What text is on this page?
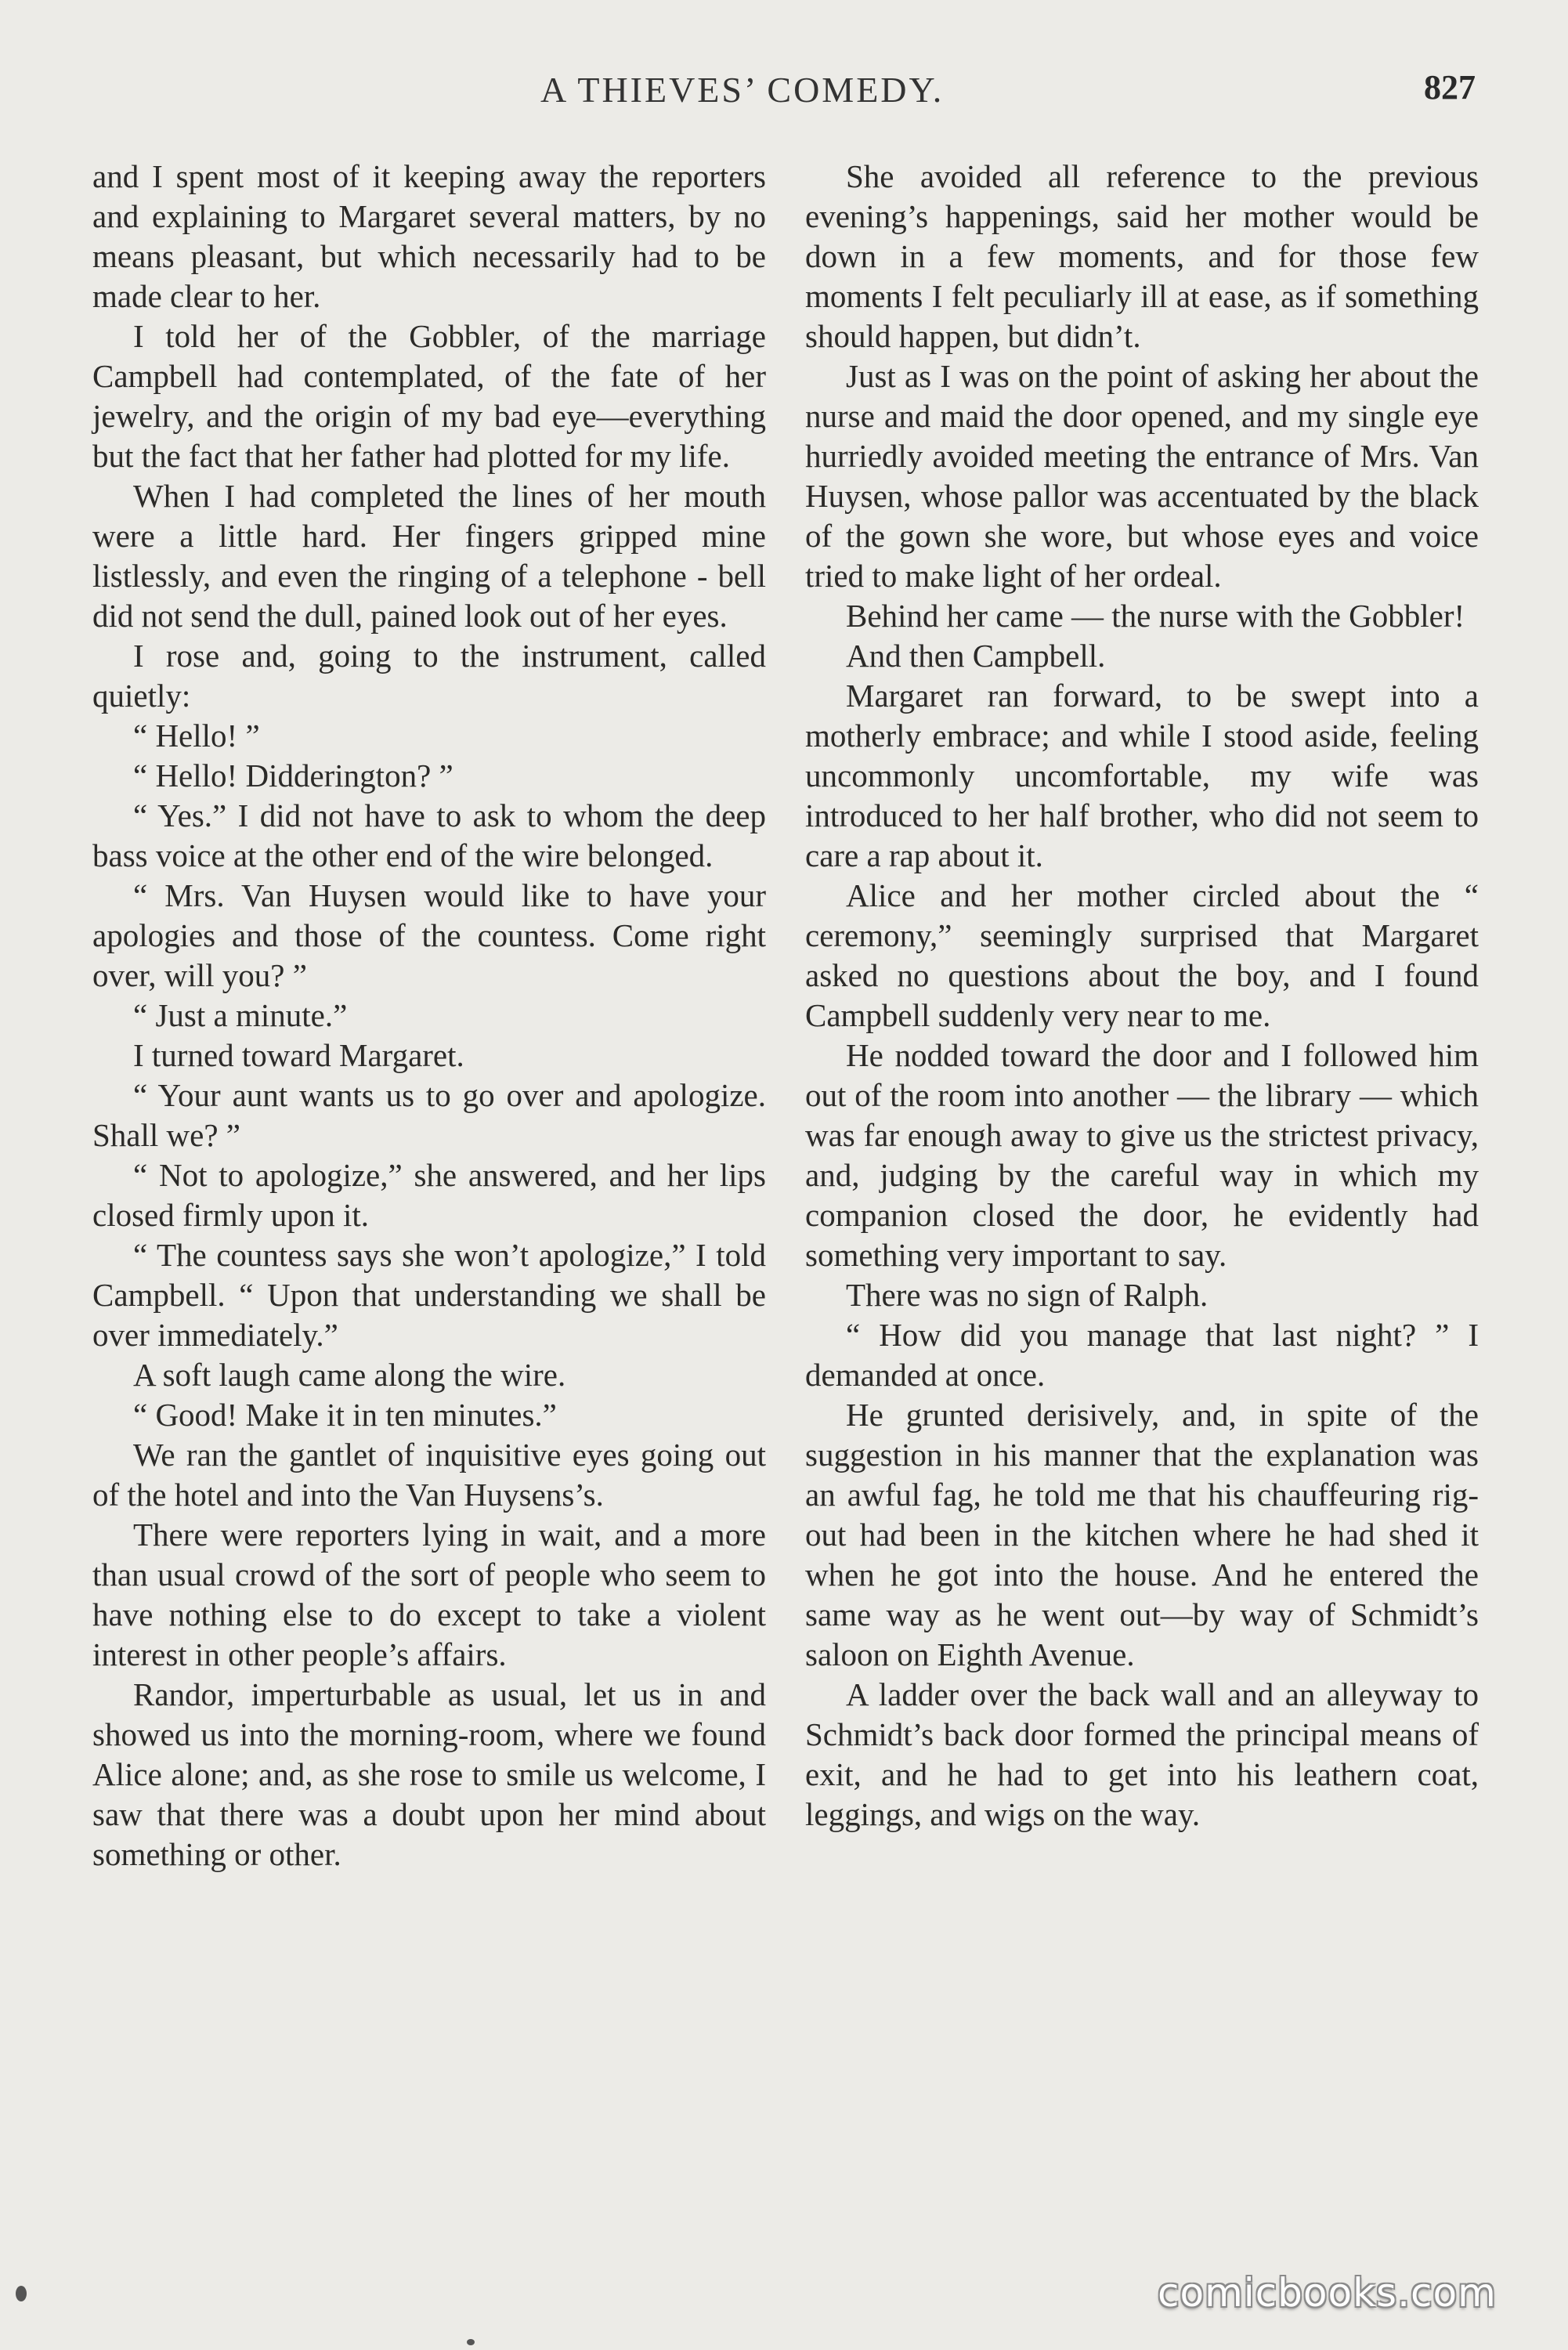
A THIEVES’ COMEDY.	827

and I spent most of it keeping away the reporters and explaining to Margaret several matters, by no means pleasant, but which necessarily had to be made clear to her.

I told her of the Gobbler, of the marriage Campbell had contemplated, of the fate of her jewelry, and the origin of my bad eye—everything but the fact that her father had plotted for my life.

When I had completed the lines of her mouth were a little hard. Her fingers gripped mine listlessly, and even the ringing of a telephone - bell did not send the dull, pained look out of her eyes.

I rose and, going to the instrument, called quietly:

“ Hello! ”

“ Hello! Didderington? ”

“ Yes.” I did not have to ask to whom the deep bass voice at the other end of the wire belonged.

“ Mrs. Van Huysen would like to have your apologies and those of the countess. Come right over, will you? ”

“ Just a minute.”

I turned toward Margaret.

“ Your aunt wants us to go over and apologize. Shall we? ”

“ Not to apologize,” she answered, and her lips closed firmly upon it.

“ The countess says she won’t apologize,” I told Campbell. “ Upon that understanding we shall be over immediately.”

A soft laugh came along the wire.

“ Good! Make it in ten minutes.”

We ran the gantlet of inquisitive eyes going out of the hotel and into the Van Huysens’s.

There were reporters lying in wait, and a more than usual crowd of the sort of people who seem to have nothing else to do except to take a violent interest in other people’s affairs.

Randor, imperturbable as usual, let us in and showed us into the morning-room, where we found Alice alone; and, as she rose to smile us welcome, I saw that there was a doubt upon her mind about something or other.

She avoided all reference to the previous evening’s happenings, said her mother would be down in a few moments, and for those few moments I felt peculiarly ill at ease, as if something should happen, but didn’t.

Just as I was on the point of asking her about the nurse and maid the door opened, and my single eye hurriedly avoided meeting the entrance of Mrs. Van Huysen, whose pallor was accentuated by the black of the gown she wore, but whose eyes and voice tried to make light of her ordeal.

Behind her came — the nurse with the Gobbler!

And then Campbell.

Margaret ran forward, to be swept into a motherly embrace; and while I stood aside, feeling uncommonly uncomfortable, my wife was introduced to her half brother, who did not seem to care a rap about it.

Alice and her mother circled about the “ ceremony,” seemingly surprised that Margaret asked no questions about the boy, and I found Campbell suddenly very near to me.

He nodded toward the door and I followed him out of the room into another — the library — which was far enough away to give us the strictest privacy, and, judging by the careful way in which my companion closed the door, he evidently had something very important to say.

There was no sign of Ralph.

“ How did you manage that last night? ” I demanded at once.

He grunted derisively, and, in spite of the suggestion in his manner that the explanation was an awful fag, he told me that his chauffeuring rig-out had been in the kitchen where he had shed it when he got into the house. And he entered the same way as he went out—by way of Schmidt’s saloon on Eighth Avenue.

A ladder over the back wall and an alleyway to Schmidt’s back door formed the principal means of exit, and he had to get into his leathern coat, leggings, and wigs on the way.

comicbooks.com
